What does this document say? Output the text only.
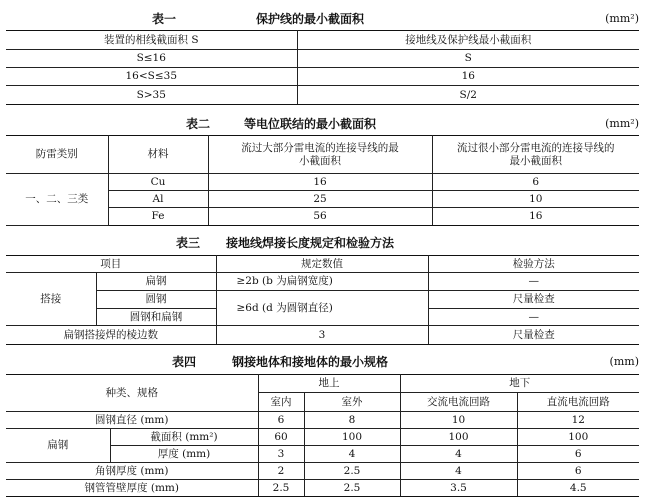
表一	保护线的最小截面积	(mm²)
装置的相线截面积 S	接地线及保护线最小截面积
S≤16	S
16<S≤35	16
S>35	S/2
表二	等电位联结的最小截面积	(mm²)
防雷类别	材料	流过大部分雷电流的连接导线的最小截面积	流过很小部分雷电流的连接导线的最小截面积
一、二、三类	Cu	16	6
	Al	25	10
	Fe	56	16
表三 接地线焊接长度规定和检验方法
项目		规定数值	检验方法
搭接	扁钢	≥2b (b 为扁钢宽度)	—
	圆钢	≥6d (d 为圆钢直径)	尺量检查
	圆钢和扁钢		—
扁钢搭接焊的棱边数		3	尺量检查
表四	钢接地体和接地体的最小规格	(mm)
种类、规格		地上		地下	
		室内	室外	交流电流回路	直流电流回路
圆钢直径 (mm)		6	8	10	12
扁钢	截面积 (mm²)	60	100	100	100
	厚度 (mm)	3	4	4	6
角钢厚度 (mm)		2	2.5	4	6
钢管管壁厚度 (mm)		2.5	2.5	3.5	4.5
